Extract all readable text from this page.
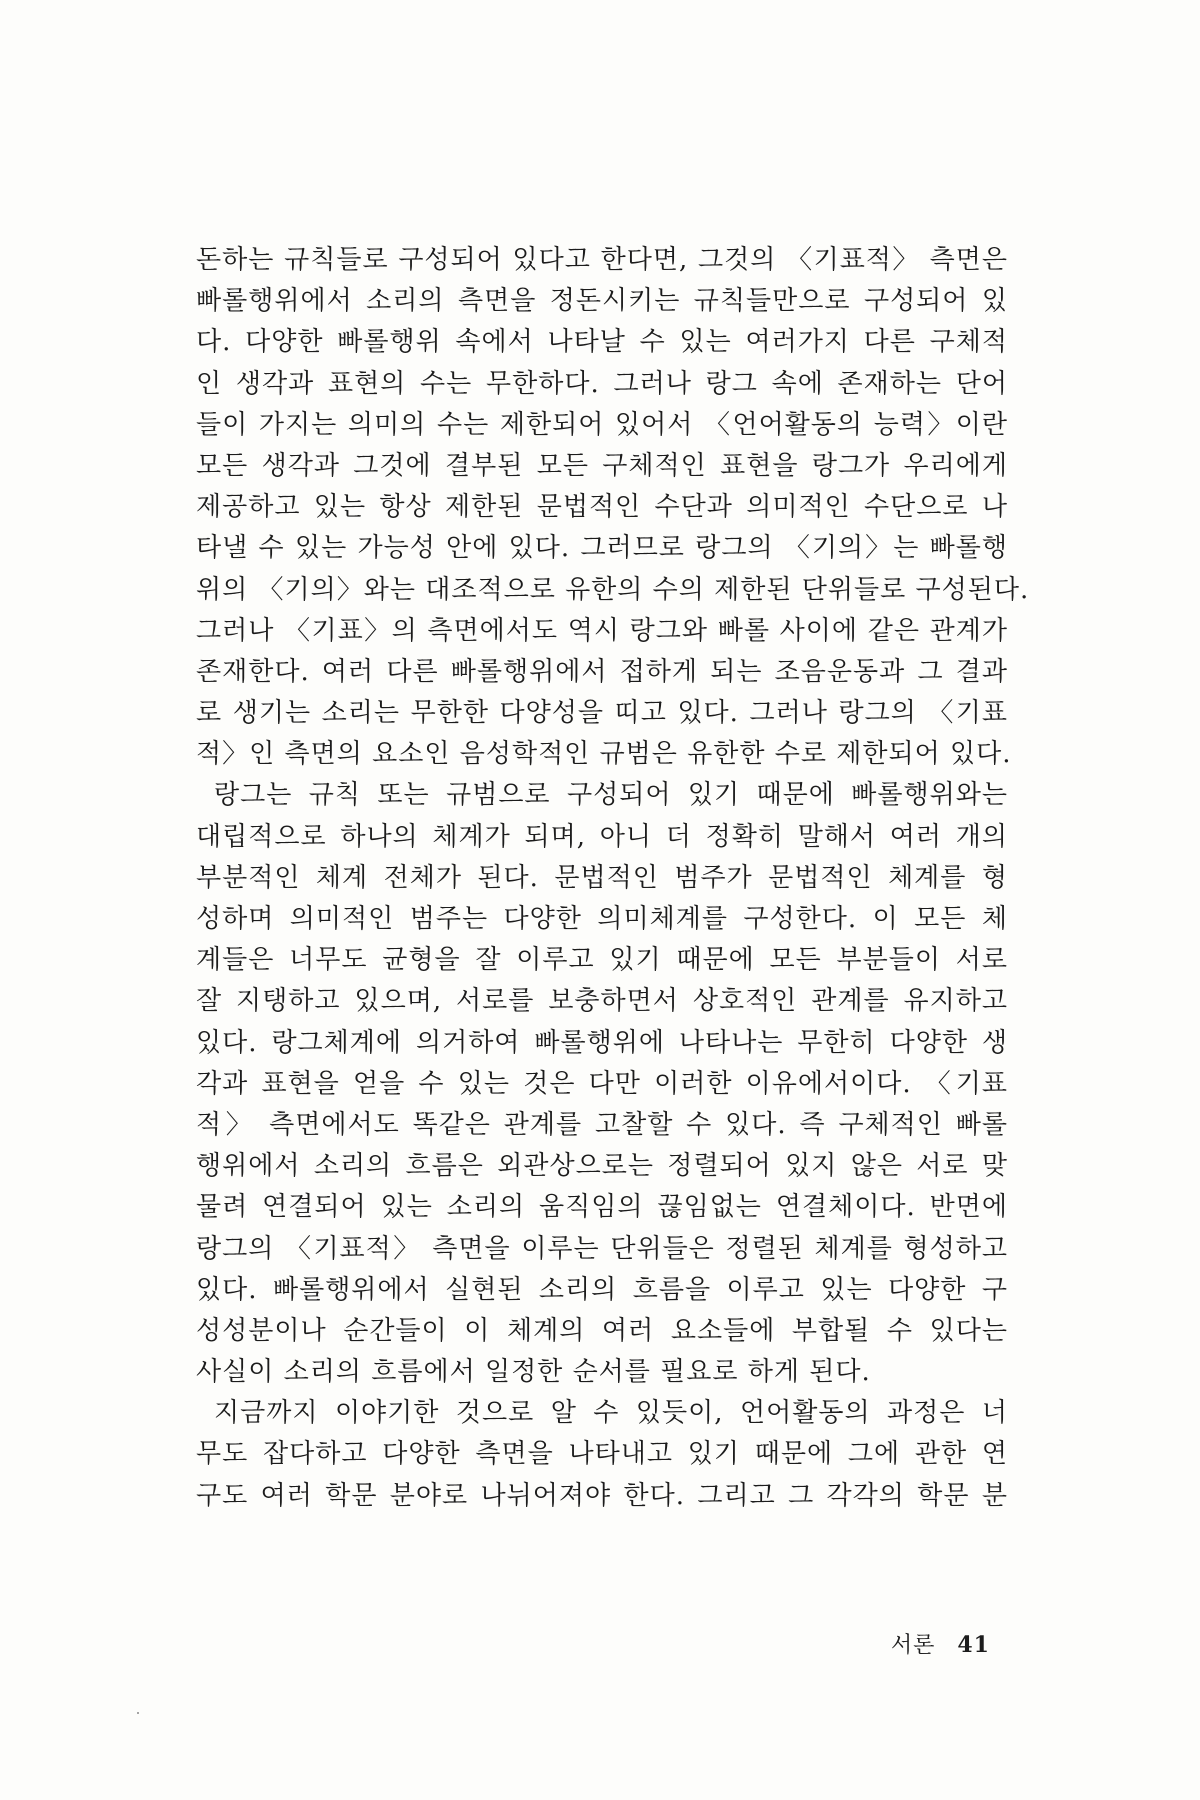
돈하는 규칙들로 구성되어 있다고 한다면, 그것의 〈기표적〉 측면은
빠롤행위에서 소리의 측면을 정돈시키는 규칙들만으로 구성되어 있
다. 다양한 빠롤행위 속에서 나타날 수 있는 여러가지 다른 구체적
인 생각과 표현의 수는 무한하다. 그러나 랑그 속에 존재하는 단어
들이 가지는 의미의 수는 제한되어 있어서 〈언어활동의 능력〉이란
모든 생각과 그것에 결부된 모든 구체적인 표현을 랑그가 우리에게
제공하고 있는 항상 제한된 문법적인 수단과 의미적인 수단으로 나
타낼 수 있는 가능성 안에 있다. 그러므로 랑그의 〈기의〉는 빠롤행
위의 〈기의〉와는 대조적으로 유한의 수의 제한된 단위들로 구성된다.
그러나 〈기표〉의 측면에서도 역시 랑그와 빠롤 사이에 같은 관계가
존재한다. 여러 다른 빠롤행위에서 접하게 되는 조음운동과 그 결과
로 생기는 소리는 무한한 다양성을 띠고 있다. 그러나 랑그의 〈기표
적〉인 측면의 요소인 음성학적인 규범은 유한한 수로 제한되어 있다.
랑그는 규칙 또는 규범으로 구성되어 있기 때문에 빠롤행위와는
대립적으로 하나의 체계가 되며, 아니 더 정확히 말해서 여러 개의
부분적인 체계 전체가 된다. 문법적인 범주가 문법적인 체계를 형
성하며 의미적인 범주는 다양한 의미체계를 구성한다. 이 모든 체
계들은 너무도 균형을 잘 이루고 있기 때문에 모든 부분들이 서로
잘 지탱하고 있으며, 서로를 보충하면서 상호적인 관계를 유지하고
있다. 랑그체계에 의거하여 빠롤행위에 나타나는 무한히 다양한 생
각과 표현을 얻을 수 있는 것은 다만 이러한 이유에서이다. 〈기표
적〉 측면에서도 똑같은 관계를 고찰할 수 있다. 즉 구체적인 빠롤
행위에서 소리의 흐름은 외관상으로는 정렬되어 있지 않은 서로 맞
물려 연결되어 있는 소리의 움직임의 끊임없는 연결체이다. 반면에
랑그의 〈기표적〉 측면을 이루는 단위들은 정렬된 체계를 형성하고
있다. 빠롤행위에서 실현된 소리의 흐름을 이루고 있는 다양한 구
성성분이나 순간들이 이 체계의 여러 요소들에 부합될 수 있다는
사실이 소리의 흐름에서 일정한 순서를 필요로 하게 된다.
지금까지 이야기한 것으로 알 수 있듯이, 언어활동의 과정은 너
무도 잡다하고 다양한 측면을 나타내고 있기 때문에 그에 관한 연
구도 여러 학문 분야로 나뉘어져야 한다. 그리고 그 각각의 학문 분
서론 41
